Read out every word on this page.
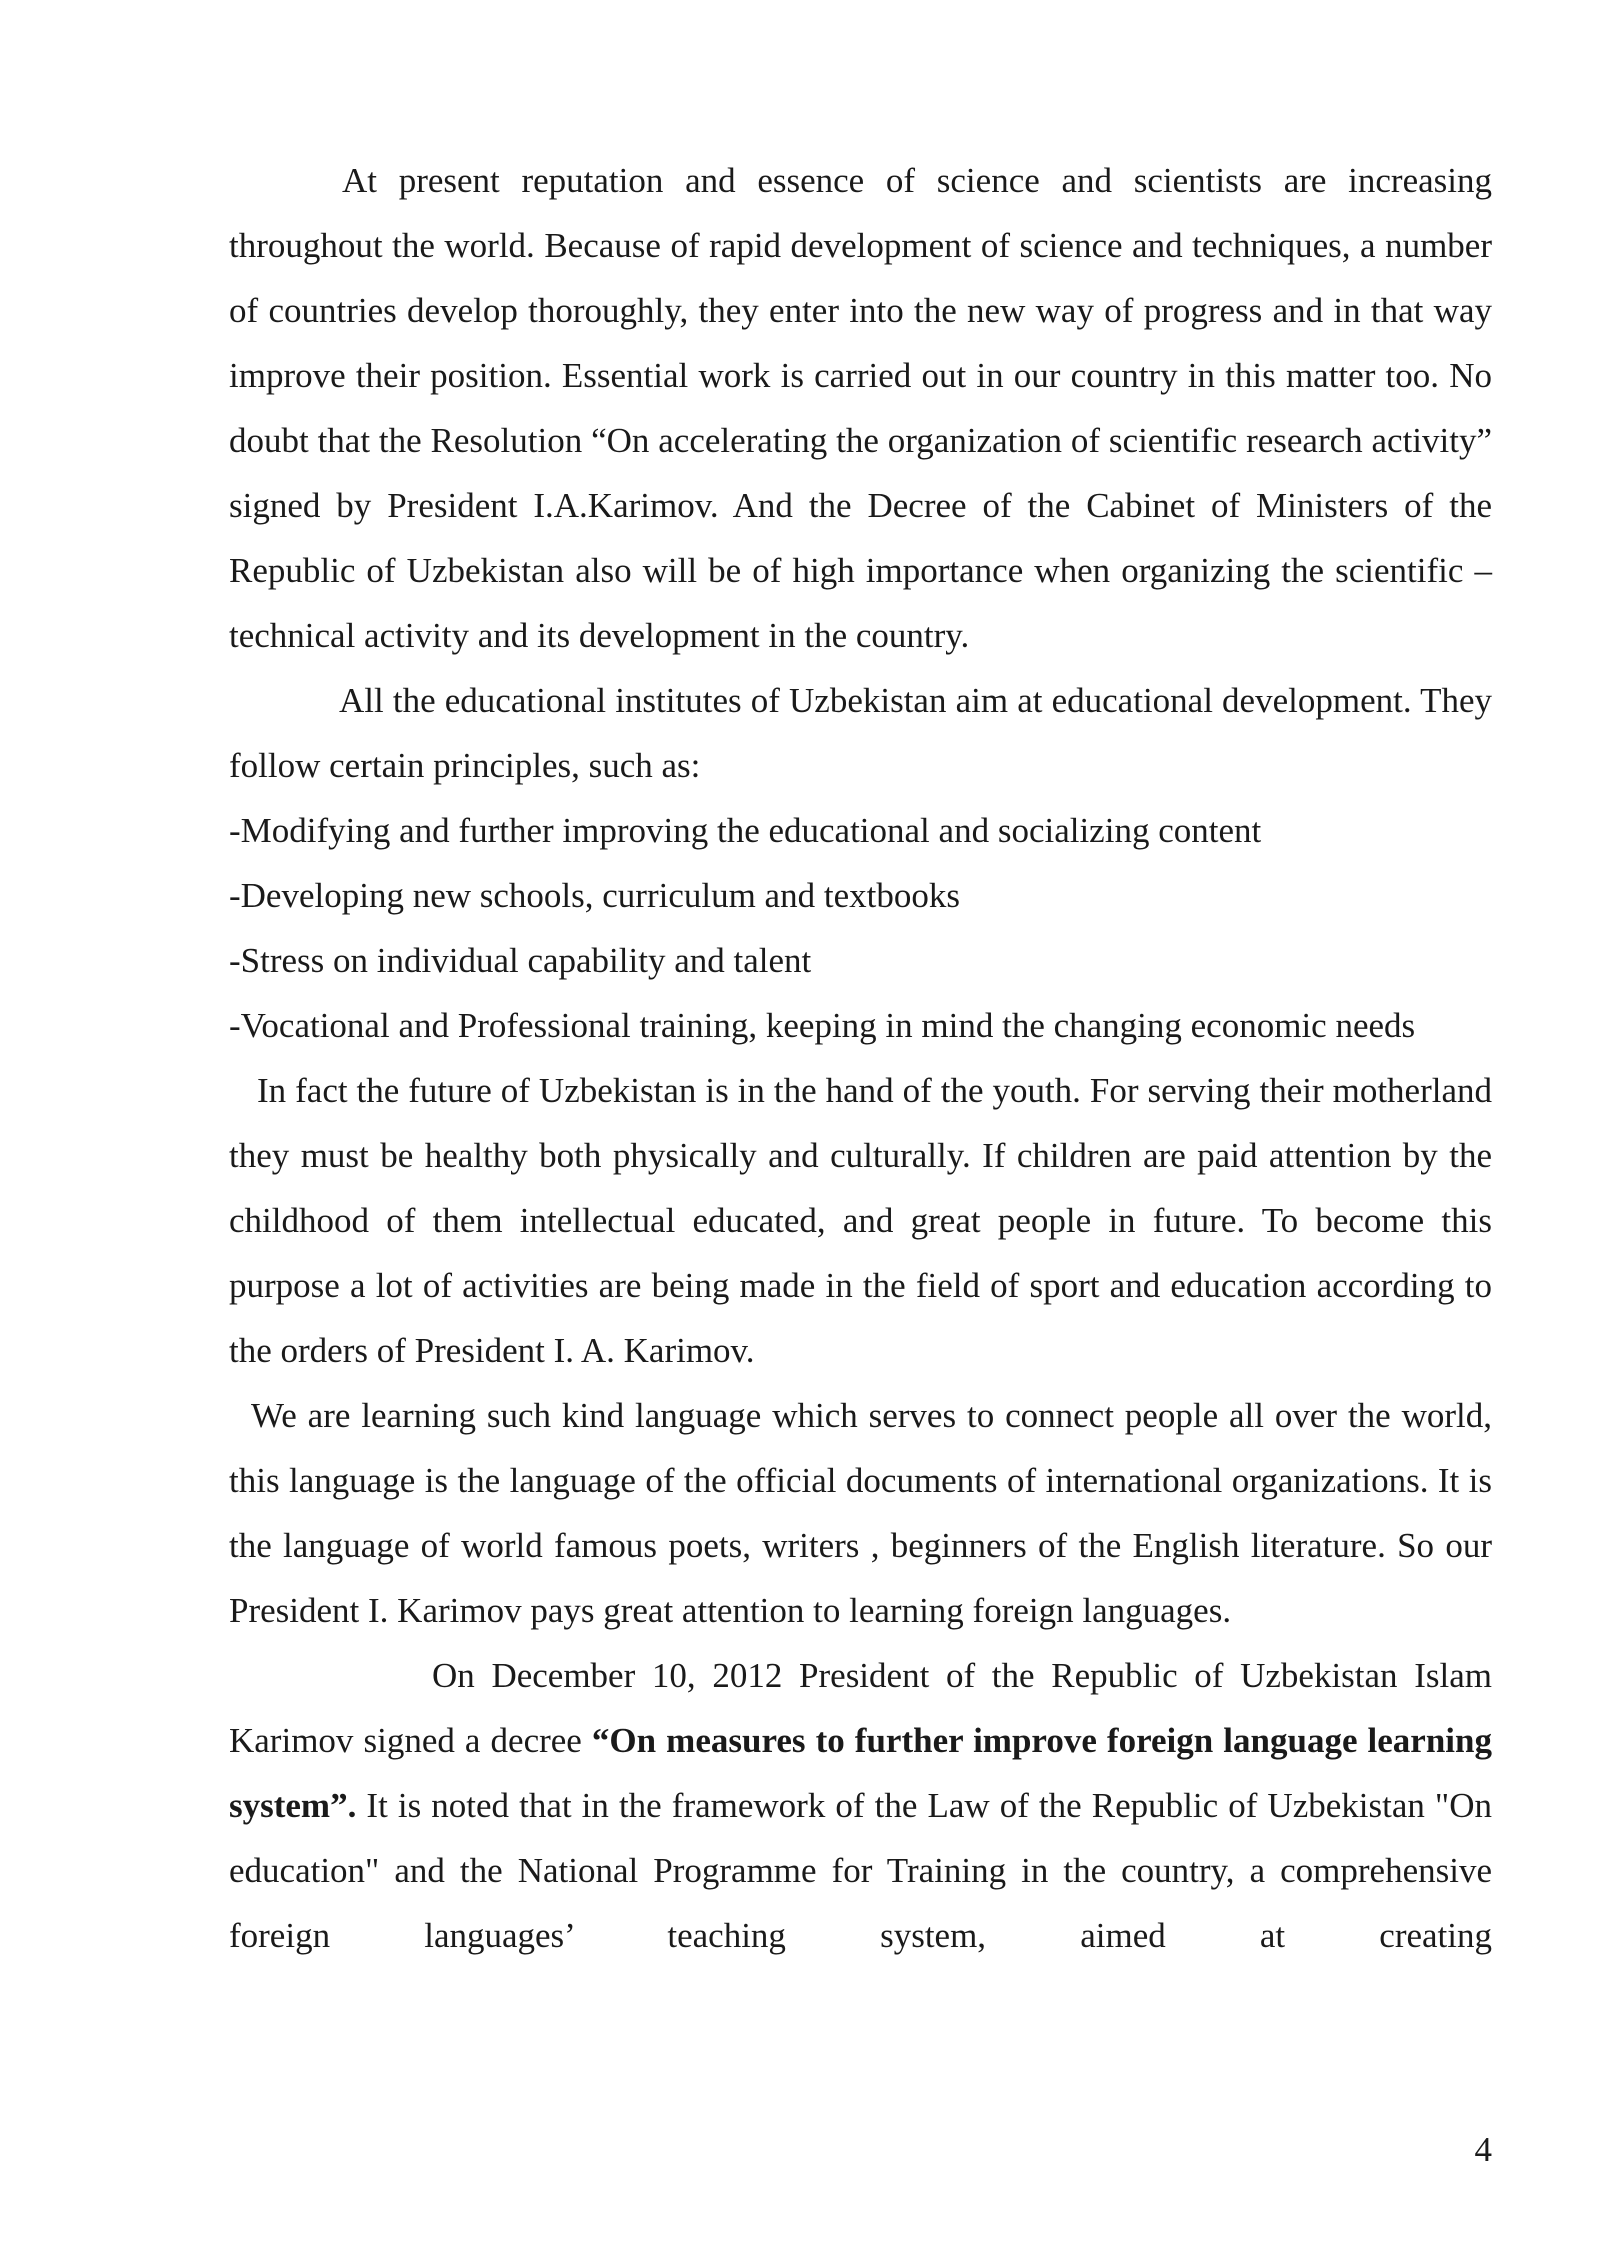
At present reputation and essence of science and scientists are increasing throughout the world. Because of rapid development of science and techniques, a number of countries develop thoroughly, they enter into the new way of progress and in that way improve their position. Essential work is carried out in our country in this matter too. No doubt that the Resolution “On accelerating the organization of scientific research activity” signed by President I.A.Karimov. And the Decree of the Cabinet of Ministers of the Republic of Uzbekistan also will be of high importance when organizing the scientific – technical activity and its development in the country.

All the educational institutes of Uzbekistan aim at educational development. They follow certain principles, such as:

-Modifying and further improving the educational and socializing content

-Developing new schools, curriculum and textbooks

-Stress on individual capability and talent

-Vocational and Professional training, keeping in mind the changing economic needs

In fact the future of Uzbekistan is in the hand of the youth. For serving their motherland they must be healthy both physically and culturally. If children are paid attention by the childhood of them intellectual educated, and great people in future. To become this purpose a lot of activities are being made in the field of sport and education according to the orders of President I. A. Karimov.

We are learning such kind language which serves to connect people all over the world, this language is the language of the official documents of international organizations. It is the language of world famous poets, writers , beginners of the English literature. So our President I. Karimov pays great attention to learning foreign languages.

On December 10, 2012 President of the Republic of Uzbekistan Islam Karimov signed a decree “On measures to further improve foreign language learning system”. It is noted that in the framework of the Law of the Republic of Uzbekistan "On education" and the National Programme for Training in the country, a comprehensive foreign languages’ teaching system, aimed at creating

4
